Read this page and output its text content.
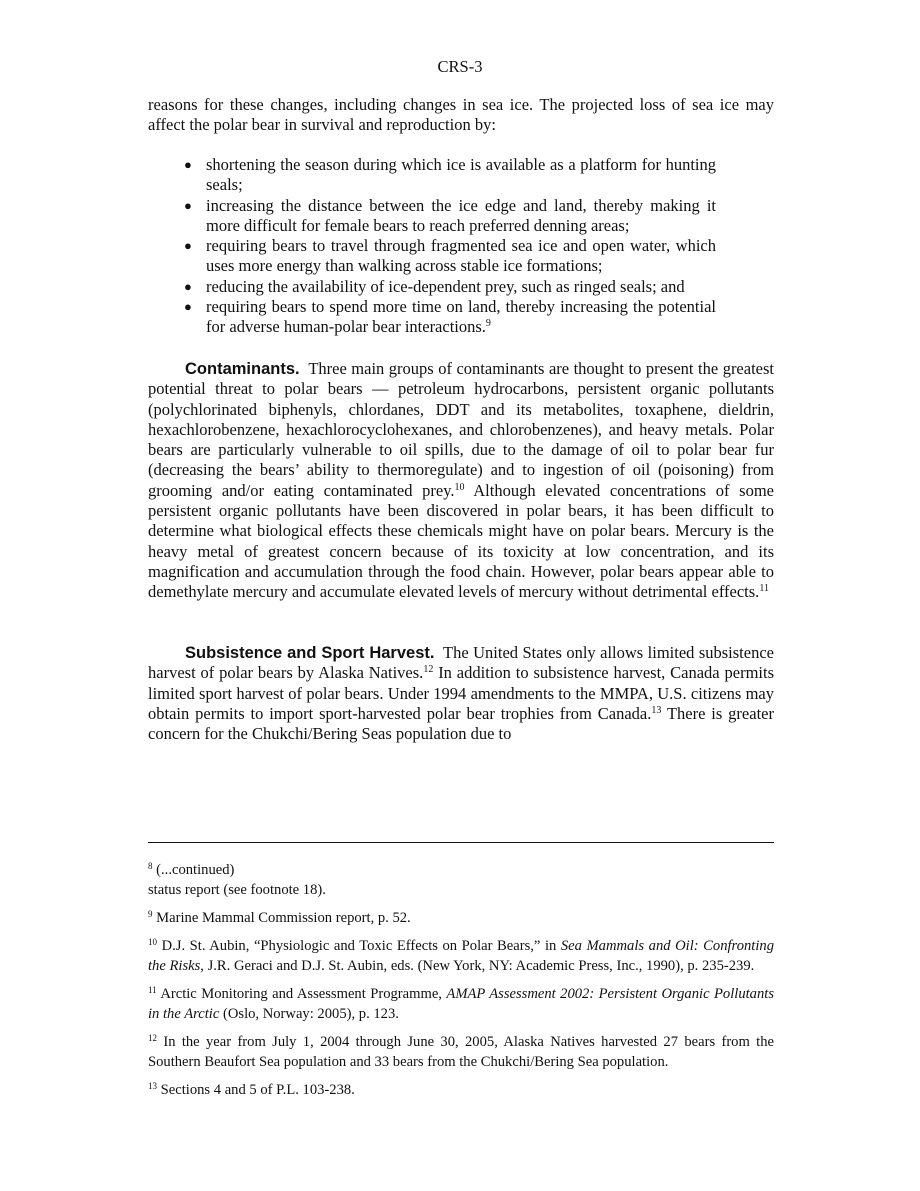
CRS-3

reasons for these changes, including changes in sea ice. The projected loss of sea ice may affect the polar bear in survival and reproduction by:

● shortening the season during which ice is available as a platform for hunting seals;
● increasing the distance between the ice edge and land, thereby making it more difficult for female bears to reach preferred denning areas;
● requiring bears to travel through fragmented sea ice and open water, which uses more energy than walking across stable ice formations;
● reducing the availability of ice-dependent prey, such as ringed seals; and
● requiring bears to spend more time on land, thereby increasing the potential for adverse human-polar bear interactions.$^9$

Contaminants. Three main groups of contaminants are thought to present the greatest potential threat to polar bears — petroleum hydrocarbons, persistent organic pollutants (polychlorinated biphenyls, chlordanes, DDT and its metabolites, toxaphene, dieldrin, hexachlorobenzene, hexachlorocyclohexanes, and chlorobenzenes), and heavy metals. Polar bears are particularly vulnerable to oil spills, due to the damage of oil to polar bear fur (decreasing the bears’ ability to thermoregulate) and to ingestion of oil (poisoning) from grooming and/or eating contaminated prey.$^{10}$ Although elevated concentrations of some persistent organic pollutants have been discovered in polar bears, it has been difficult to determine what biological effects these chemicals might have on polar bears. Mercury is the heavy metal of greatest concern because of its toxicity at low concentration, and its magnification and accumulation through the food chain. However, polar bears appear able to demethylate mercury and accumulate elevated levels of mercury without detrimental effects.$^{11}$

Subsistence and Sport Harvest. The United States only allows limited subsistence harvest of polar bears by Alaska Natives.$^{12}$ In addition to subsistence harvest, Canada permits limited sport harvest of polar bears. Under 1994 amendments to the MMPA, U.S. citizens may obtain permits to import sport-harvested polar bear trophies from Canada.$^{13}$ There is greater concern for the Chukchi/Bering Seas population due to

$^8$ (...continued)
status report (see footnote 18).
$^9$ Marine Mammal Commission report, p. 52.
$^{10}$ D.J. St. Aubin, “Physiologic and Toxic Effects on Polar Bears,” in Sea Mammals and Oil: Confronting the Risks, J.R. Geraci and D.J. St. Aubin, eds. (New York, NY: Academic Press, Inc., 1990), p. 235-239.
$^{11}$ Arctic Monitoring and Assessment Programme, AMAP Assessment 2002: Persistent Organic Pollutants in the Arctic (Oslo, Norway: 2005), p. 123.
$^{12}$ In the year from July 1, 2004 through June 30, 2005, Alaska Natives harvested 27 bears from the Southern Beaufort Sea population and 33 bears from the Chukchi/Bering Sea population.
$^{13}$ Sections 4 and 5 of P.L. 103-238.
